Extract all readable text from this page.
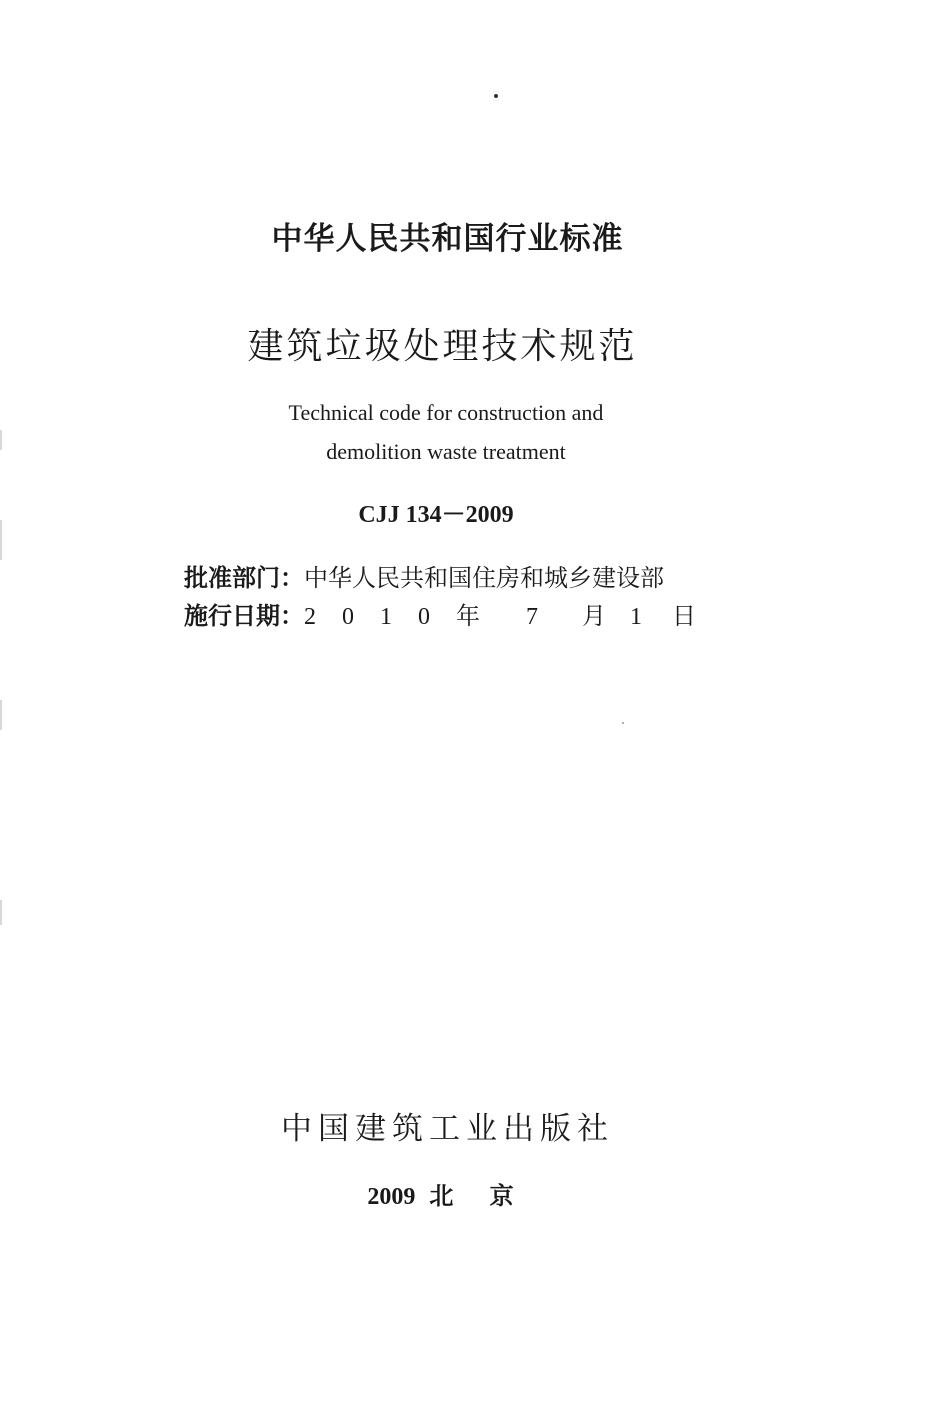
中华人民共和国行业标准
建筑垃圾处理技术规范
Technical code for construction and
demolition waste treatment
CJJ 134－2009
批准部门： 中华人民共和国住房和城乡建设部
施行日期： 2	0	1	0	年	7	月	1	日
中国建筑工业出版社
2009 北 京
